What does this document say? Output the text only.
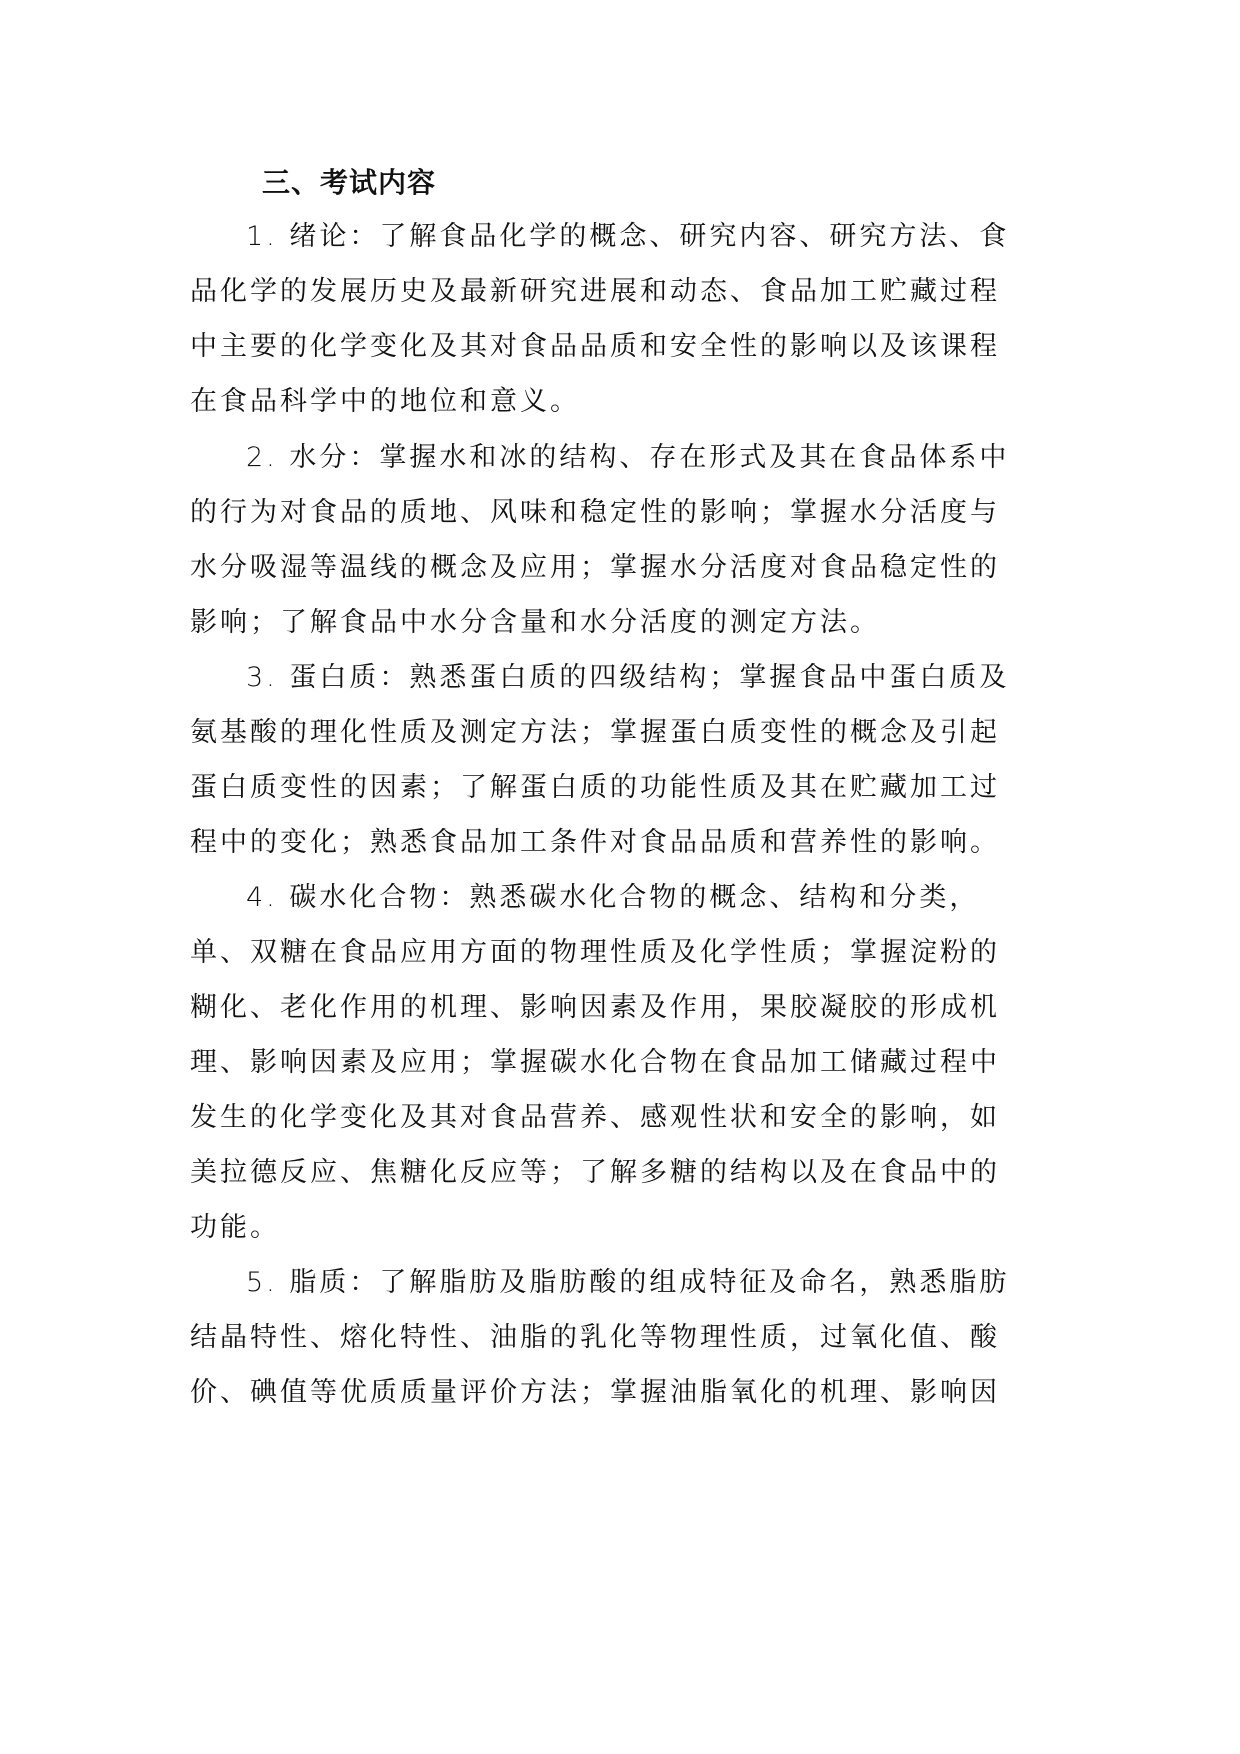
三、考试内容
1. 绪论：了解食品化学的概念、研究内容、研究方法、食
品化学的发展历史及最新研究进展和动态、食品加工贮藏过程
中主要的化学变化及其对食品品质和安全性的影响以及该课程
在食品科学中的地位和意义。
2. 水分：掌握水和冰的结构、存在形式及其在食品体系中
的行为对食品的质地、风味和稳定性的影响；掌握水分活度与
水分吸湿等温线的概念及应用；掌握水分活度对食品稳定性的
影响；了解食品中水分含量和水分活度的测定方法。
3. 蛋白质：熟悉蛋白质的四级结构；掌握食品中蛋白质及
氨基酸的理化性质及测定方法；掌握蛋白质变性的概念及引起
蛋白质变性的因素；了解蛋白质的功能性质及其在贮藏加工过
程中的变化；熟悉食品加工条件对食品品质和营养性的影响。
4. 碳水化合物：熟悉碳水化合物的概念、结构和分类，
单、双糖在食品应用方面的物理性质及化学性质；掌握淀粉的
糊化、老化作用的机理、影响因素及作用，果胶凝胶的形成机
理、影响因素及应用；掌握碳水化合物在食品加工储藏过程中
发生的化学变化及其对食品营养、感观性状和安全的影响，如
美拉德反应、焦糖化反应等；了解多糖的结构以及在食品中的
功能。
5. 脂质：了解脂肪及脂肪酸的组成特征及命名，熟悉脂肪
结晶特性、熔化特性、油脂的乳化等物理性质，过氧化值、酸
价、碘值等优质质量评价方法；掌握油脂氧化的机理、影响因
